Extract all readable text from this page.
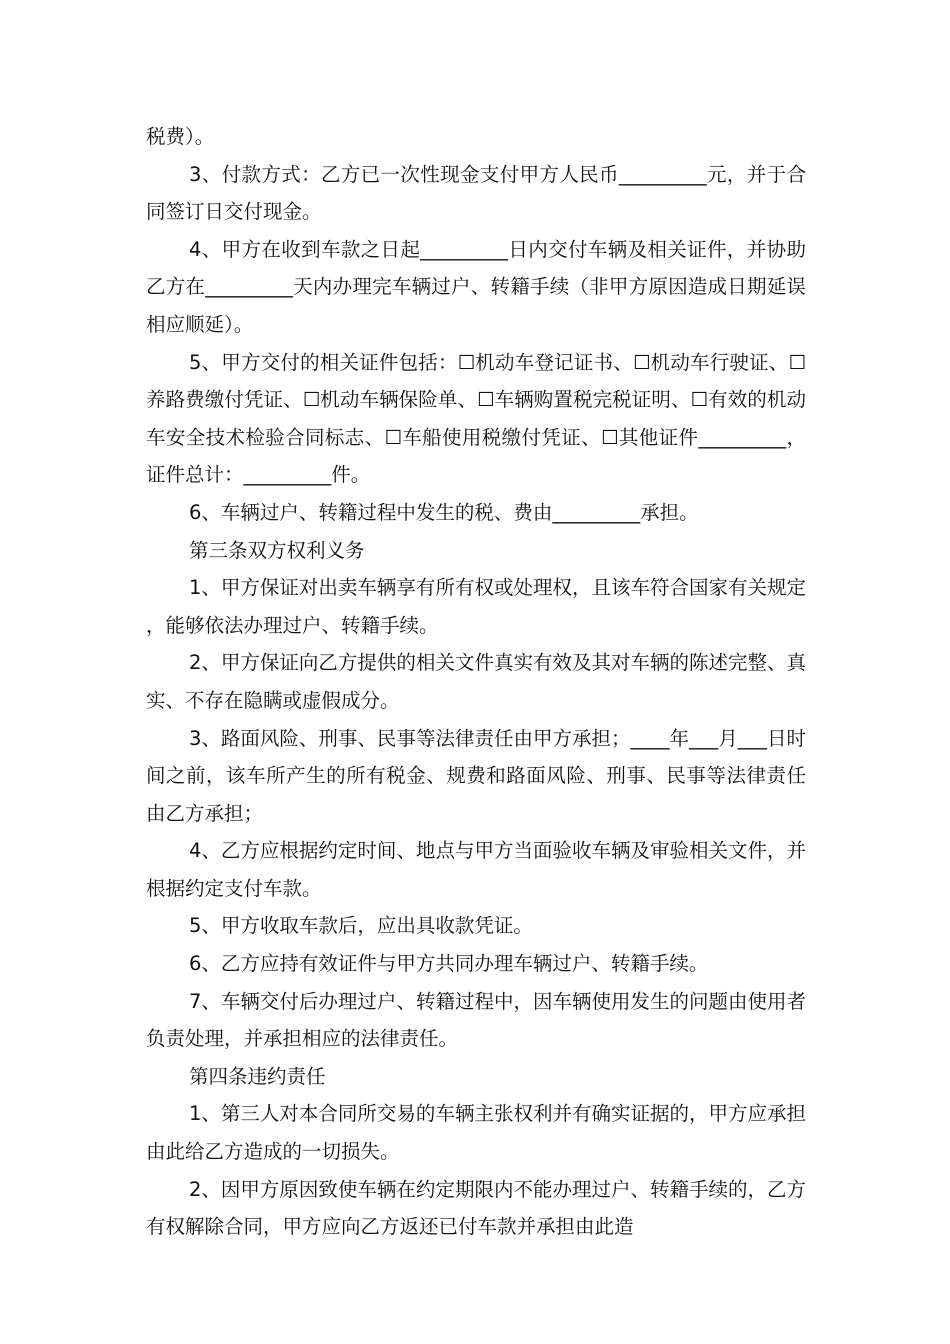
税费）。

3、付款方式：乙方已一次性现金支付甲方人民币_________元，并于合同签订日交付现金。

4、甲方在收到车款之日起_________日内交付车辆及相关证件，并协助乙方在_________天内办理完车辆过户、转籍手续（非甲方原因造成日期延误相应顺延）。

5、甲方交付的相关证件包括：☐机动车登记证书、☐机动车行驶证、☐养路费缴付凭证、☐机动车辆保险单、☐车辆购置税完税证明、☐有效的机动车安全技术检验合同标志、☐车船使用税缴付凭证、☐其他证件_________，证件总计：_________件。

6、车辆过户、转籍过程中发生的税、费由_________承担。

第三条双方权利义务

1、甲方保证对出卖车辆享有所有权或处理权，且该车符合国家有关规定，能够依法办理过户、转籍手续。

2、甲方保证向乙方提供的相关文件真实有效及其对车辆的陈述完整、真实、不存在隐瞒或虚假成分。

3、路面风险、刑事、民事等法律责任由甲方承担；____年___月___日时间之前，该车所产生的所有税金、规费和路面风险、刑事、民事等法律责任由乙方承担；

4、乙方应根据约定时间、地点与甲方当面验收车辆及审验相关文件，并根据约定支付车款。

5、甲方收取车款后，应出具收款凭证。

6、乙方应持有效证件与甲方共同办理车辆过户、转籍手续。

7、车辆交付后办理过户、转籍过程中，因车辆使用发生的问题由使用者负责处理，并承担相应的法律责任。

第四条违约责任

1、第三人对本合同所交易的车辆主张权利并有确实证据的，甲方应承担由此给乙方造成的一切损失。

2、因甲方原因致使车辆在约定期限内不能办理过户、转籍手续的，乙方有权解除合同，甲方应向乙方返还已付车款并承担由此造
